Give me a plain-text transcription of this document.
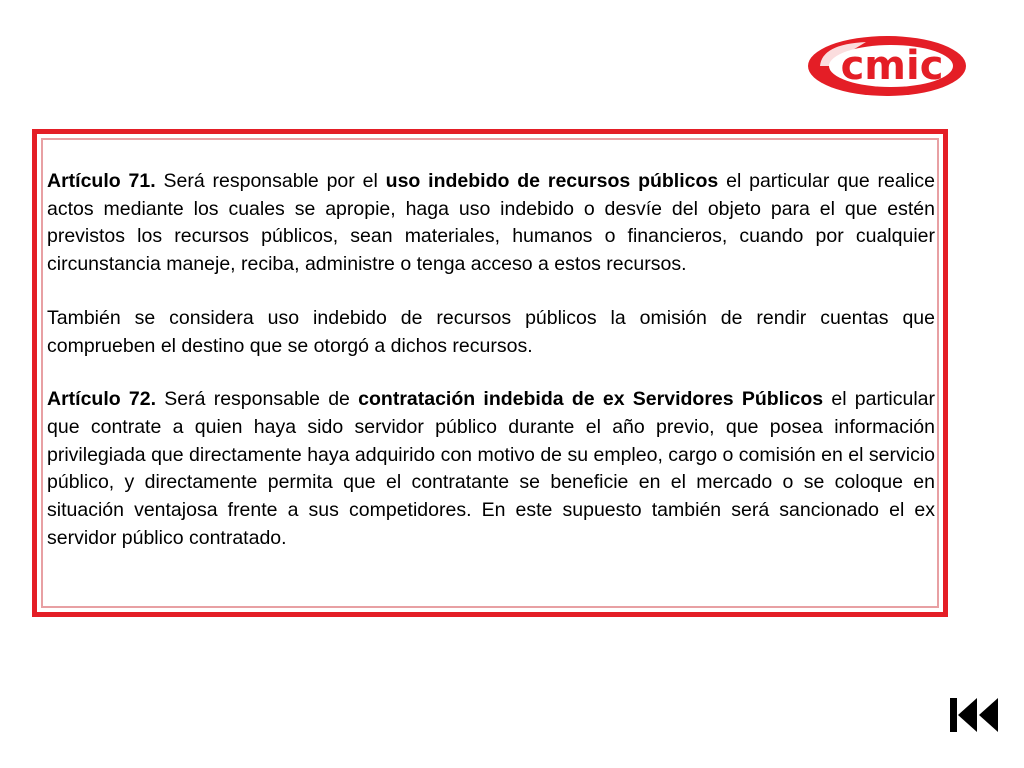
cmic

Artículo 71. Será responsable por el uso indebido de recursos públicos el particular que realice actos mediante los cuales se apropie, haga uso indebido o desvíe del objeto para el que estén previstos los recursos públicos, sean materiales, humanos o financieros, cuando por cualquier circunstancia maneje, reciba, administre o tenga acceso a estos recursos.

También se considera uso indebido de recursos públicos la omisión de rendir cuentas que comprueben el destino que se otorgó a dichos recursos.

Artículo 72. Será responsable de contratación indebida de ex Servidores Públicos el particular que contrate a quien haya sido servidor público durante el año previo, que posea información privilegiada que directamente haya adquirido con motivo de su empleo, cargo o comisión en el servicio público, y directamente permita que el contratante se beneficie en el mercado o se coloque en situación ventajosa frente a sus competidores. En este supuesto también será sancionado el ex servidor público contratado.
